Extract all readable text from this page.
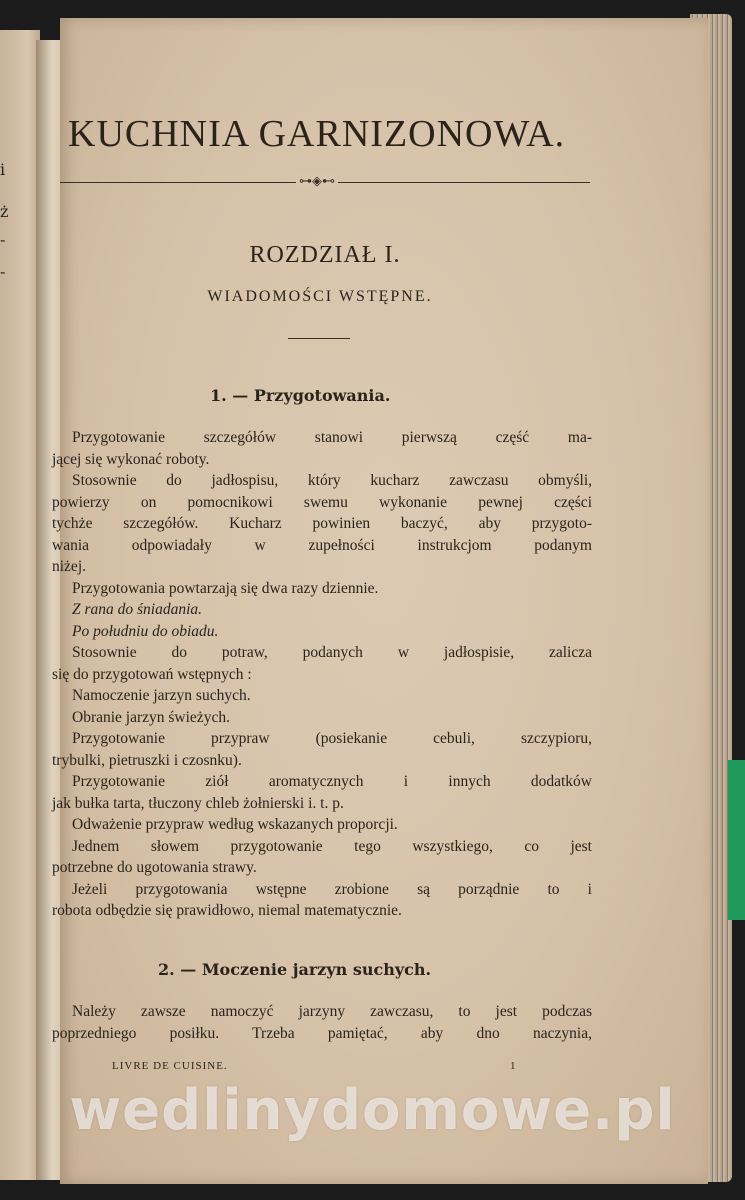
i
ż
-
-
KUCHNIA GARNIZONOWA.
⊶◈⊷
ROZDZIAŁ I.
WIADOMOŚCI WSTĘPNE.
1. — Przygotowania.

Przygotowanie szczegółów stanowi pierwszą część ma-

jącej się wykonać roboty.

Stosownie do jadłospisu, który kucharz zawczasu obmyśli,

powierzy on pomocnikowi swemu wykonanie pewnej części

tychże szczegółów. Kucharz powinien baczyć, aby przygoto-

wania odpowiadały w zupełności instrukcjom podanym

niżej.

Przygotowania powtarzają się dwa razy dziennie.

Z rana do śniadania.

Po południu do obiadu.

Stosownie do potraw, podanych w jadłospisie, zalicza

się do przygotowań wstępnych :

Namoczenie jarzyn suchych.

Obranie jarzyn świeżych.

Przygotowanie przypraw (posiekanie cebuli, szczypioru,

trybulki, pietruszki i czosnku).

Przygotowanie ziół aromatycznych i innych dodatków

jak bułka tarta, tłuczony chleb żołnierski i. t. p.

Odważenie przypraw według wskazanych proporcji.

Jednem słowem przygotowanie tego wszystkiego, co jest

potrzebne do ugotowania strawy.

Jeżeli przygotowania wstępne zrobione są porządnie to i

robota odbędzie się prawidłowo, niemal matematycznie.

2. — Moczenie jarzyn suchych.

Należy zawsze namoczyć jarzyny zawczasu, to jest podczas

poprzedniego posiłku. Trzeba pamiętać, aby dno naczynia,

LIVRE DE CUISINE.	1
wedlinydomowe.pl
